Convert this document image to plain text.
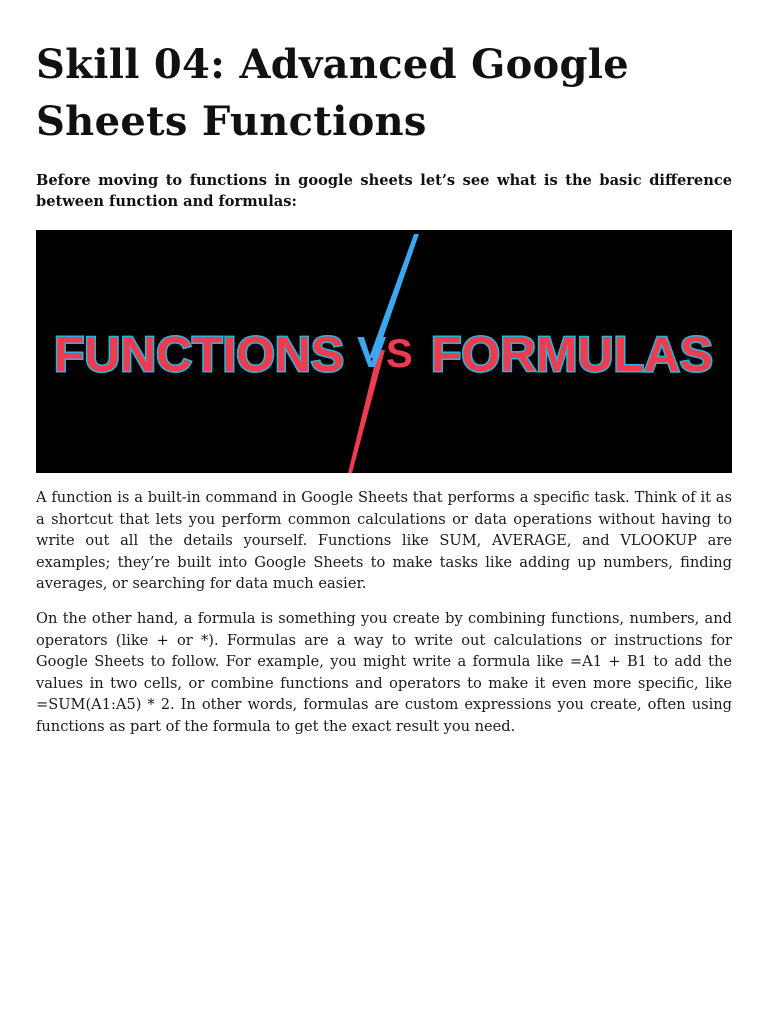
Skill 04: Advanced Google Sheets Functions

Before moving to functions in google sheets let’s see what is the basic difference between function and formulas:

FUNCTIONS V S FORMULAS

A function is a built-in command in Google Sheets that performs a specific task. Think of it as a shortcut that lets you perform common calculations or data operations without having to write out all the details yourself. Functions like SUM, AVERAGE, and VLOOKUP are examples; they’re built into Google Sheets to make tasks like adding up numbers, finding averages, or searching for data much easier.

On the other hand, a formula is something you create by combining functions, numbers, and operators (like + or *). Formulas are a way to write out calculations or instructions for Google Sheets to follow. For example, you might write a formula like =A1 + B1 to add the values in two cells, or combine functions and operators to make it even more specific, like =SUM(A1:A5) * 2. In other words, formulas are custom expressions you create, often using functions as part of the formula to get the exact result you need.
